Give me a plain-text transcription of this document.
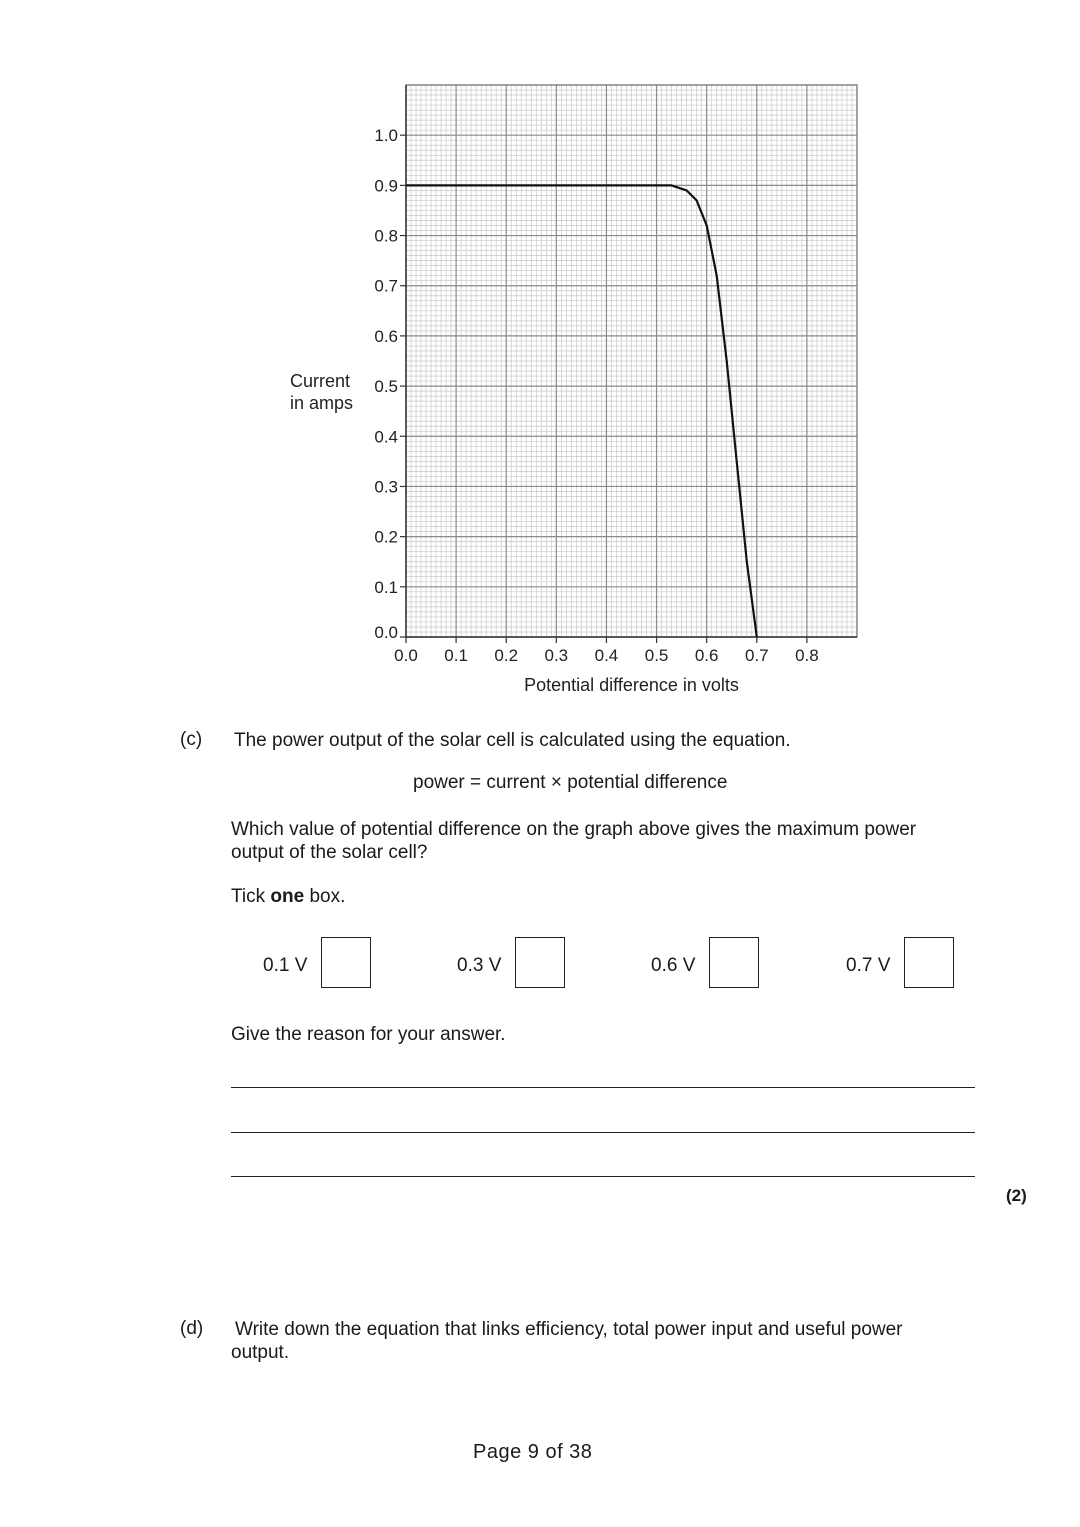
0.0
0.1
0.2
0.3
0.4
0.5
0.6
0.7
0.8
0.9
1.0
0.0 0.1 0.2 0.3 0.4 0.5 0.6 0.7 0.8
Potential difference in volts
Current
in amps
(c) The power output of the solar cell is calculated using the equation.
power = current × potential difference
Which value of potential difference on the graph above gives the maximum power
output of the solar cell?
Tick one box.
0.1 V	0.3 V	0.6 V	0.7 V
Give the reason for your answer.
(2)
(d) Write down the equation that links efficiency, total power input and useful power
output.
Page 9 of 38
